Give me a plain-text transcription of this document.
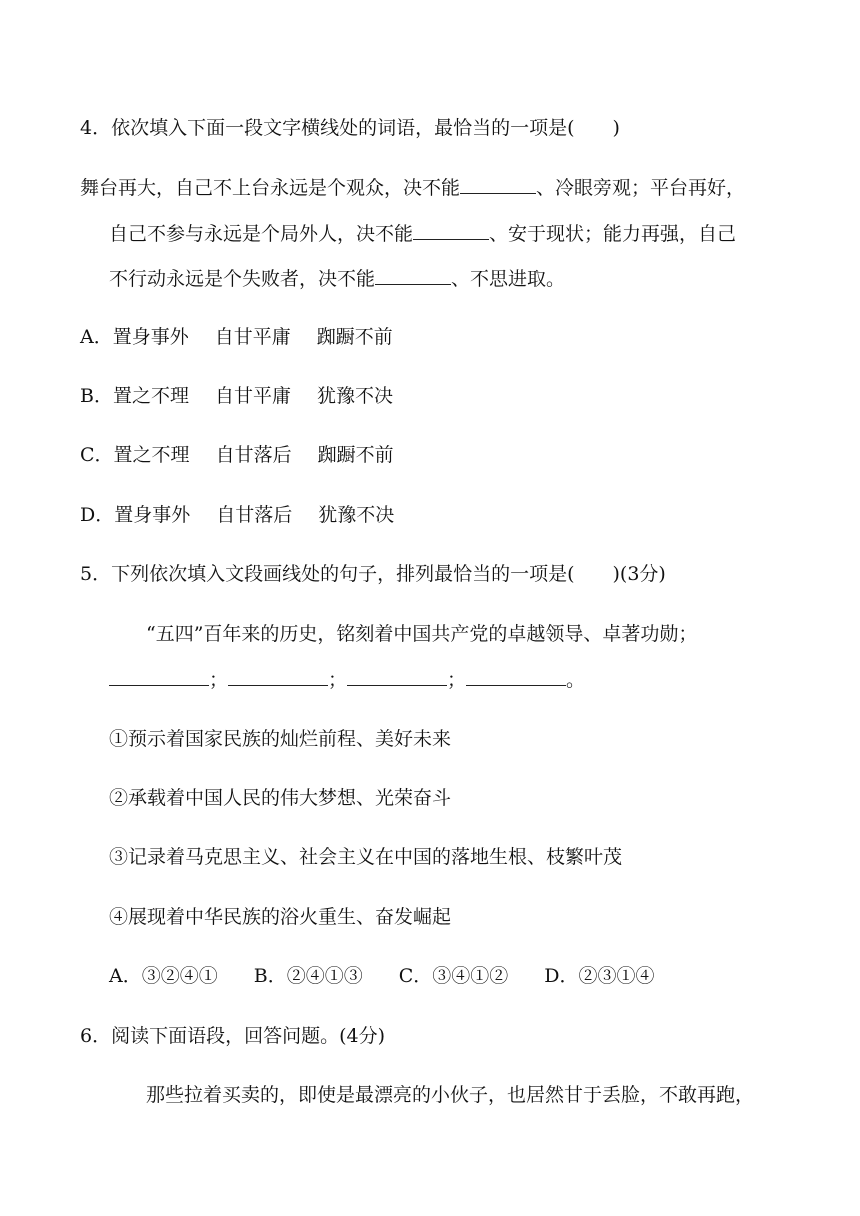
4．依次填入下面一段文字横线处的词语，最恰当的一项是(　　)
舞台再大，自己不上台永远是个观众，决不能	、冷眼旁观；平台再好，
自己不参与永远是个局外人，决不能	、安于现状；能力再强，自己
不行动永远是个失败者，决不能	、不思进取。
A．置身事外 自甘平庸 踟蹰不前
B．置之不理 自甘平庸 犹豫不决
C．置之不理 自甘落后 踟蹰不前
D．置身事外 自甘落后 犹豫不决
5．下列依次填入文段画线处的句子，排列最恰当的一项是(　　)(3分)
“五四”百年来的历史，铭刻着中国共产党的卓越领导、卓著功勋；
；	；	；	。
①预示着国家民族的灿烂前程、美好未来
②承载着中国人民的伟大梦想、光荣奋斗
③记录着马克思主义、社会主义在中国的落地生根、枝繁叶茂
④展现着中华民族的浴火重生、奋发崛起
A．③②④① B．②④①③ C．③④①② D．②③①④
6．阅读下面语段，回答问题。(4分)
那些拉着买卖的，即使是最漂亮的小伙子，也居然甘于丢脸，不敢再跑，
